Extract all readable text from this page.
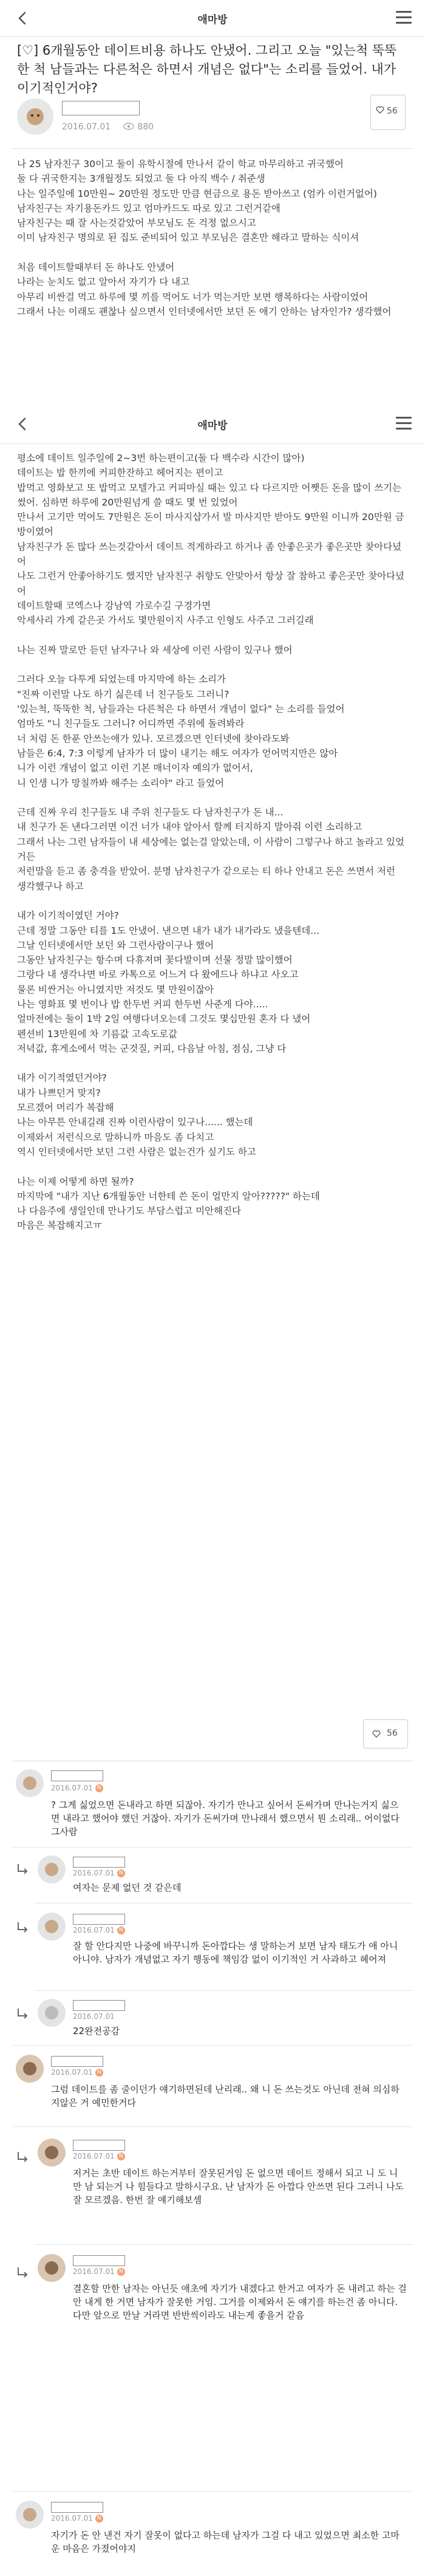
애마방
[♡] 6개월동안 데이트비용 하나도 안냈어. 그리고 오늘 "있는척 뚝뚝한 척 남들과는 다른척은 하면서 개념은 없다"는 소리를 들었어. 내가 이기적인거야?
2016.07.01	880
56
나 25 남자친구 30이고 둘이 유학시절에 만나서 같이 학교 마무리하고 귀국했어
둘 다 귀국한지는 3개월정도 되었고 둘 다 아직 백수 / 취준생
나는 일주일에 10만원~ 20만원 정도만 만큼 현금으로 용돈 받아쓰고 (엄카 이런거없어)
남자친구는 자기용돈카드 있고 엄마카드도 따로 있고 그런거같애
남자친구는 때 잘 사는것같았어 부모님도 돈 걱정 없으시고
이미 남자친구 명의로 된 집도 준비되어 있고 부모님은 결혼만 해라고 말하는 식이셔

처음 데이트할때부터 돈 하나도 안냈어
나라는 눈치도 없고 알아서 자기가 다 내고
아무리 비싼걸 먹고 하루에 몇 끼를 먹어도 너가 먹는거만 보면 행복하다는 사람이었어
그래서 나는 이래도 괜찮나 싶으면서 인터넷에서만 보던 돈 애기 안하는 남자인가? 생각했어
애마방
평소에 데이트 일주일에 2~3번 하는편이고(둘 다 백수라 시간이 많아)
데이트는 밥 한끼에 커피한잔하고 헤어지는 편이고
밥먹고 영화보고 또 밥먹고 모텔가고 커피마실 때는 있고 다 다르지만 어쨋든 돈을 많이 쓰기는 썼어. 심하면 하루에 20만원넘게 쓸 때도 몇 번 있었어
만나서 고기만 먹어도 7만원은 돈이 마사지샵가서 발 마사지만 받아도 9만원 이니까 20만원 금방이였어
남자친구가 돈 많다 쓰는것같아서 데이트 적게하라고 하거나 좀 안좋은곳가 좋은곳만 찾아다녔어
나도 그런거 안좋아하기도 했지만 남자친구 취향도 안맞아서 항상 잘 참하고 좋은곳만 찾아다녔어
데이트할때 코엑스나 강남역 가로수길 구경가면
악세사리 가게 같은곳 가서도 몇만원이지 사주고 인형도 사주고 그러길래

나는 진짜 말로만 듣던 남자구나 와 세상에 이런 사람이 있구나 했어

그러다 오늘 다투게 되었는데 마지막에 하는 소리가
"진짜 이런말 나도 하기 싫은데 너 친구들도 그러니?
'있는척, 뚝뚝한 척, 남들과는 다른척은 다 하면서 개념이 없다" 는 소리를 들었어
엄마도 "니 친구들도 그러니? 어디까면 주위에 돌려봐라
너 처럼 돈 한푼 안쓰는애가 있나. 모르겠으면 인터넷에 찾아라도봐
남들은 6:4, 7:3 이렇게 남자가 더 많이 내기는 해도 여자가 얻어먹지만은 않아
니가 이런 개념이 없고 이런 기본 매너이자 예의가 없어서,
니 인생 니가 망칠까봐 해주는 소리야" 라고 들었어

근데 진짜 우리 친구들도 내 주위 친구들도 다 남자친구가 돈 내...
내 친구가 돈 낸다그러면 이건 너가 내야 알아서 할께 터지하지 말아줘 이런 소리하고
그래서 나는 그런 남자들이 내 세상에는 없는걸 알았는데, 이 사람이 그렇구나 하고 놀라고 있었거든
저런말을 듣고 좀 충격을 받았어. 분명 남자친구가 같으로는 티 하나 안내고 돈은 쓰면서 저런 생각했구나 하고

내가 이기적이였던 거야?
근데 정말 그동안 티를 1도 안냈어. 낸으면 내가 내가 내가라도 냈을텐데...
그날 인터넷에서만 보던 와 그런사람이구나 했어
그동안 남자친구는 항수며 다휴져며 꽃다발이며 선물 정말 많이했어
그랑다 내 생각나면 바로 카톡으로 어느거 다 왔에드나 하냐고 사오고
물론 비싼거는 아니였지만 저것도 몇 만원이잖아
나는 영화표 몇 번이나 밥 한두번 커피 한두번 사준게 다야.....
얼마전에는 둘이 1박 2일 여행다녀오는데 그것도 몇십만원 혼자 다 냈어
펜션비 13만원에 차 기름값 고속도로값
저녁값, 휴게소에서 먹는 군것질, 커피, 다음날 아침, 점심, 그냥 다

내가 이기적였던거야?
내가 나쁘던거 맞지?
모르겠어 머리가 복잡해
나는 아무튼 안내길래 진짜 이런사람이 있구나...... 했는데
이제와서 저런식으로 말하니까 마음도 좀 다치고
역시 인터넷에서만 보던 그런 사람은 없는건가 싶기도 하고

나는 이제 어떻게 하면 될까?
마지막에 "내가 지난 6개월동안 너한테 쓴 돈이 얼만지 알아?????" 하는데
나 다음주에 생일인데 만나기도 부담스럽고 미안해진다
마음은 복잡해지고ㅠ
56
2016.07.01 N
? 그게 싫었으면 돈내라고 하면 되잖아. 자기가 만나고 싶어서 돈써가며 만나는거지 싫으면 내라고 했어야 했던 거잖아. 자기가 돈써가며 만나래서 했으면서 뭔 소리래.. 어이없다 그사람
2016.07.01 N
여자는 문제 없던 것 같은데
2016.07.01 N
잘 할 안다지만 나중에 바꾸니까 돈아깝다는 생 말하는거 보면 남자 태도가 애 아니 아니야. 남자가 개념없고 자기 행동에 책임감 없이 이기적인 거 사과하고 헤어져
2016.07.01
22완전공감
2016.07.01 N
그럼 데이트를 좀 줄이던가 얘기하면된데 난리래.. 왜 니 돈 쓰는것도 아닌데 전혀 의심하지않은 거 예민한거다
2016.07.01 N
저거는 초반 데이트 하는거부터 잘못된거임 돈 없으면 데이트 정해서 되고 니 도 니 만 남 되는거 나 힘들다고 말하시구요. 난 남자가 돈 아깝다 안쓰면 된다 그러니 나도 잘 모르겠음. 한번 잘 얘기해보셈
2016.07.01 N
결혼할 만한 남자는 아닌듯 애초에 자기가 내겠다고 한거고 여자가 돈 내려고 하는 걸 안 내게 한 거면 남자가 잘못한 거임. 그거를 이제와서 돈 얘기를 하는건 좀 아니다. 다만 앞으로 만날 거라면 반반씩이라도 내는게 좋을거 같음
2016.07.01 N
자기가 돈 안 낸건 자기 잘못이 없다고 하는데 남자가 그걸 다 내고 있었으면 최소한 고마운 마음은 가졌어야지
